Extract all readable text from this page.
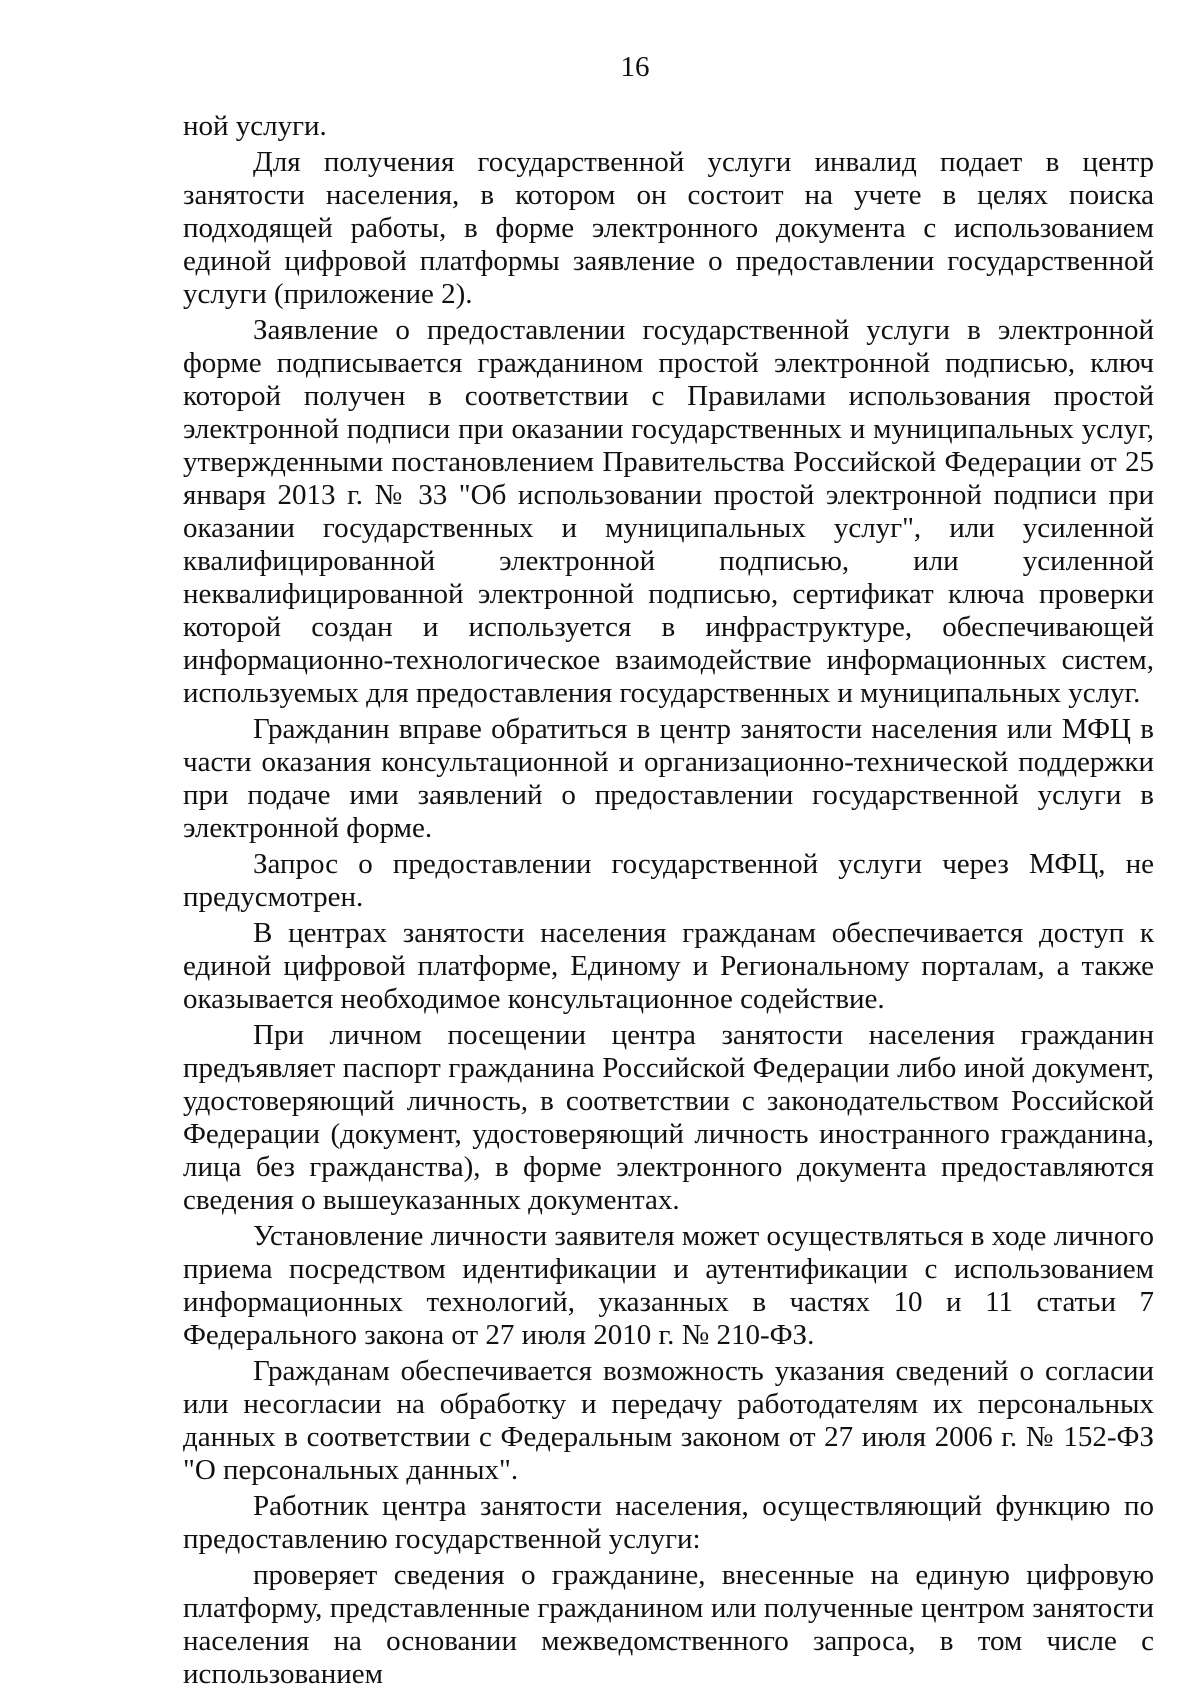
16

ной услуги.

Для получения государственной услуги инвалид подает в центр занятости населения, в котором он состоит на учете в целях поиска подходящей работы, в форме электронного документа с использованием единой цифровой платформы заявление о предоставлении государственной услуги (приложение 2).

Заявление о предоставлении государственной услуги в электронной форме подписывается гражданином простой электронной подписью, ключ которой получен в соответствии с Правилами использования простой электронной подписи при оказании государственных и муниципальных услуг, утвержденными постановлением Правительства Российской Федерации от 25 января 2013 г. № 33 "Об использовании простой электронной подписи при оказании государственных и муниципальных услуг", или усиленной квалифицированной электронной подписью, или усиленной неквалифицированной электронной подписью, сертификат ключа проверки которой создан и используется в инфраструктуре, обеспечивающей информационно-технологическое взаимодействие информационных систем, используемых для предоставления государственных и муниципальных услуг.

Гражданин вправе обратиться в центр занятости населения или МФЦ в части оказания консультационной и организационно-технической поддержки при подаче ими заявлений о предоставлении государственной услуги в электронной форме.

Запрос о предоставлении государственной услуги через МФЦ, не предусмотрен.

В центрах занятости населения гражданам обеспечивается доступ к единой цифровой платформе, Единому и Региональному порталам, а также оказывается необходимое консультационное содействие.

При личном посещении центра занятости населения гражданин предъявляет паспорт гражданина Российской Федерации либо иной документ, удостоверяющий личность, в соответствии с законодательством Российской Федерации (документ, удостоверяющий личность иностранного гражданина, лица без гражданства), в форме электронного документа предоставляются сведения о вышеуказанных документах.

Установление личности заявителя может осуществляться в ходе личного приема посредством идентификации и аутентификации с использованием информационных технологий, указанных в частях 10 и 11 статьи 7 Федерального закона от 27 июля 2010 г. № 210-ФЗ.

Гражданам обеспечивается возможность указания сведений о согласии или несогласии на обработку и передачу работодателям их персональных данных в соответствии с Федеральным законом от 27 июля 2006 г. № 152-ФЗ "О персональных данных".

Работник центра занятости населения, осуществляющий функцию по предоставлению государственной услуги:

проверяет сведения о гражданине, внесенные на единую цифровую платформу, представленные гражданином или полученные центром занятости населения на основании межведомственного запроса, в том числе с использованием
